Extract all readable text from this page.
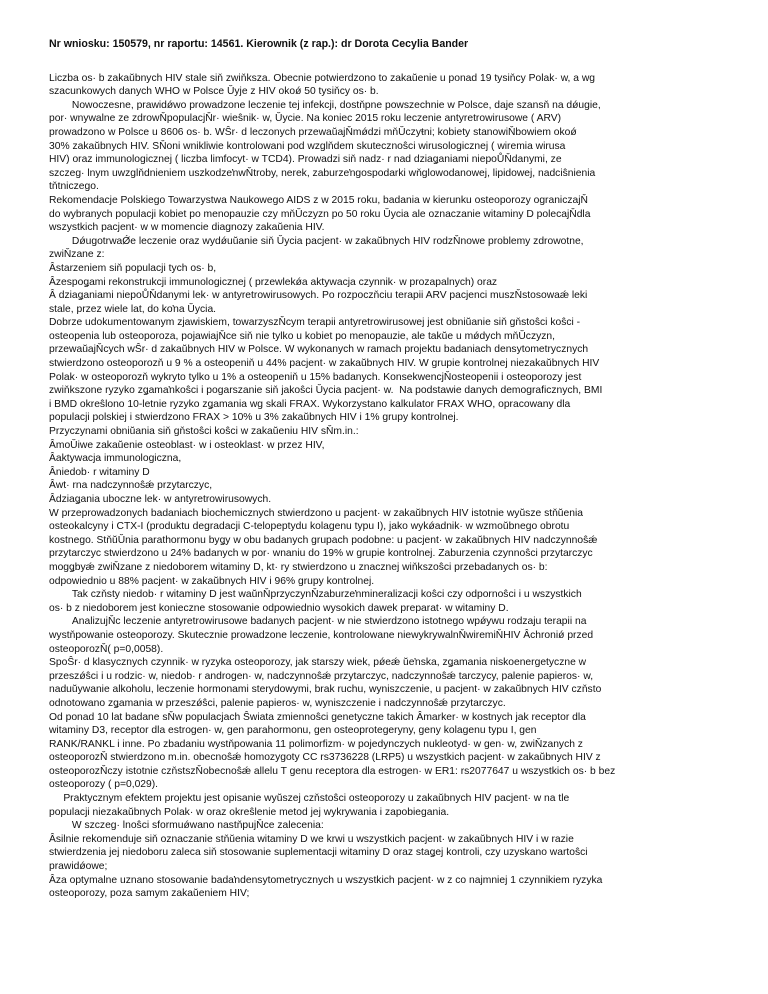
Nr wniosku: 150579, nr raportu: 14561. Kierownik (z rap.): dr Dorota Cecylia Bander

Liczba os· b zakaŭbnych HIV stale siň zwiňksza. Obecnie potwierdzono to zakaŭenie u ponad 19 tysiňcy Polak· w, a wg

szacunkowych danych WHO w Polsce Ŭyje z HIV okoǿ 50 tysiňcy os· b.

Nowoczesne, prawidǿwo prowadzone leczenie tej infekcji, dostňpne powszechnie w Polsce, daje szansň na dǿugie,

por· wnywalne ze zdrowŇpopulacjŇr· wieŝnik· w, Ŭycie. Na koniec 2015 roku leczenie antyretrowirusowe ( ARV)

prowadzono w Polsce u 8606 os· b. WŜr· d leczonych przewaŭajŇmǿdzi mňŬczyŧni; kobiety stanowiŇbowiem okoǿ

30% zakaŭbnych HIV. SŇoni wnikliwie kontrolowani pod wzglňdem skutecznoŝci wirusologicznej ( wiremia wirusa

HIV) oraz immunologicznej ( liczba limfocyt· w TCD4). Prowadzi siň nadz· r nad dziaǥaniami niepoŮŇdanymi, ze

szczeg· lnym uwzglňdnieniem uszkodzeŉwŇtroby, nerek, zaburzeŉgospodarki wňglowodanowej, lipidowej, nadciŝnienia

tňtniczego.

Rekomendacje Polskiego Towarzystwa Naukowego AIDS z w 2015 roku, badania w kierunku osteoporozy ograniczajŇ

do wybranych populacji kobiet po menopauzie czy mňŬczyzn po 50 roku Ŭycia ale oznaczanie witaminy D polecajŇdla

wszystkich pacjent· w w momencie diagnozy zakaŭenia HIV.

DǿugotrwaǾe leczenie oraz wydǿuŭanie siň Ŭycia pacjent· w zakaŭbnych HIV rodzŇnowe problemy zdrowotne,

zwiŇzane z:

Âstarzeniem siň populacji tych os· b,

Âzespoǥami rekonstrukcji immunologicznej ( przewlekǿa aktywacja czynnik· w prozapalnych) oraz

Â dziaǥaniami niepoŮŇdanymi lek· w antyretrowirusowych. Po rozpoczňciu terapii ARV pacjenci muszŇstosowaǽ leki

stale, przez wiele lat, do koŉa Ŭycia.

Dobrze udokumentowanym zjawiskiem, towarzyszŇcym terapii antyretrowirusowej jest obniŭanie siň gňstoŝci koŝci -

osteopenia lub osteoporoza, pojawiajŇce siň nie tylko u kobiet po menopauzie, ale takŭe u mǿdych mňŬczyzn,

przewaŭajŇcych wŜr· d zakaŭbnych HIV w Polsce. W wykonanych w ramach projektu badaniach densytometrycznych

stwierdzono osteoporozň u 9 % a osteopeniň u 44% pacjent· w zakaŭbnych HIV. W grupie kontrolnej niezakaŭbnych HIV

Polak· w osteoporozň wykryto tylko u 1% a osteopeniň u 15% badanych. KonsekwencjŇosteopenii i osteoporozy jest

zwiňkszone ryzyko zǥamaŉkoŝci i pogarszanie siň jakoŝci Ŭycia pacjent· w.  Na podstawie danych demograficznych, BMI

i BMD okreŝlono 10-letnie ryzyko zǥamania wg skali FRAX. Wykorzystano kalkulator FRAX WHO, opracowany dla

populacji polskiej i stwierdzono FRAX > 10% u 3% zakaŭbnych HIV i 1% grupy kontrolnej.

Przyczynami obniŭania siň gňstoŝci koŝci w zakaŭeniu HIV sŇm.in.:

ÂmoŬiwe zakaŭenie osteoblast· w i osteoklast· w przez HIV,

Âaktywacja immunologiczna,

Âniedob· r witaminy D

Âwt· rna nadczynnoŝǽ przytarczyc,

Âdziaǥania uboczne lek· w antyretrowirusowych.

W przeprowadzonych badaniach biochemicznych stwierdzono u pacjent· w zakaŭbnych HIV istotnie wyŭsze stňŭenia

osteokalcyny i CTX-I (produktu degradacji C-telopeptydu kolagenu typu I), jako wykǿadnik· w wzmoŭbnego obrotu

kostnego. StňŭŬnia parathormonu byǥy w obu badanych grupach podobne: u pacjent· w zakaŭbnych HIV nadczynnoŝǽ

przytarczyc stwierdzono u 24% badanych w por· wnaniu do 19% w grupie kontrolnej. Zaburzenia czynnoŝci przytarczyc

mogǥbyǽ zwiŇzane z niedoborem witaminy D, kt· ry stwierdzono u znacznej wiňkszoŝci przebadanych os· b:

odpowiednio u 88% pacjent· w zakaŭbnych HIV i 96% grupy kontrolnej.

Tak czňsty niedob· r witaminy D jest waŭnŇprzyczynŇzaburzeŉmineralizacji koŝci czy odpornoŝci i u wszystkich

os· b z niedoborem jest konieczne stosowanie odpowiednio wysokich dawek preparat· w witaminy D.

AnalizujŇc leczenie antyretrowirusowe badanych pacjent· w nie stwierdzono istotnego wpǿywu rodzaju terapii na

wystňpowanie osteoporozy. Skutecznie prowadzone leczenie, kontrolowane niewykrywalnŇwiremiŇHIV Âchroniǿ przed

osteoporozŇ( p=0,0058).

SpoŜr· d klasycznych czynnik· w ryzyka osteoporozy, jak starszy wiek, pǿeǽ ŭeŉska, zǥamania niskoenergetyczne w

przeszǿŝci i u rodzic· w, niedob· r androgen· w, nadczynnoŝǽ przytarczyc, nadczynnoŝǽ tarczycy, palenie papieros· w,

naduŭywanie alkoholu, leczenie hormonami sterydowymi, brak ruchu, wyniszczenie, u pacjent· w zakaŭbnych HIV czňsto

odnotowano zǥamania w przeszǿŝci, palenie papieros· w, wyniszczenie i nadczynnoŝǽ przytarczyc.

Od ponad 10 lat badane sŇw populacjach Ŝwiata zmiennoŝci genetyczne takich Âmarker· w kostnych jak receptor dla

witaminy D3, receptor dla estrogen· w, gen parahormonu, gen osteoprotegeryny, geny kolagenu typu I, gen

RANK/RANKL i inne. Po zbadaniu wystňpowania 11 polimorfizm· w pojedynczych nukleotyd· w gen· w, zwiŇzanych z

osteoporozŇ stwierdzono m.in. obecnoŝǽ homozygoty CC rs3736228 (LRP5) u wszystkich pacjent· w zakaŭbnych HIV z

osteoporozŇczy istotnie czňstszŇobecnoŝǽ allelu T genu receptora dla estrogen· w ER1: rs2077647 u wszystkich os· b bez

osteoporozy ( p=0,029).

Praktycznym efektem projektu jest opisanie wyŭszej czňstoŝci osteoporozy u zakaŭbnych HIV pacjent· w na tle

populacji niezakaŭbnych Polak· w oraz okreŝlenie metod jej wykrywania i zapobiegania.

W szczeg· lnoŝci sformuǿwano nastňpujŇce zalecenia:

Âsilnie rekomenduje siň oznaczanie stňŭenia witaminy D we krwi u wszystkich pacjent· w zakaŭbnych HIV i w razie

stwierdzenia jej niedoboru zaleca siň stosowanie suplementacji witaminy D oraz staǥej kontroli, czy uzyskano wartoŝci

prawidǿowe;

Âza optymalne uznano stosowanie badaŉdensytometrycznych u wszystkich pacjent· w z co najmniej 1 czynnikiem ryzyka

osteoporozy, poza samym zakaŭeniem HIV;
